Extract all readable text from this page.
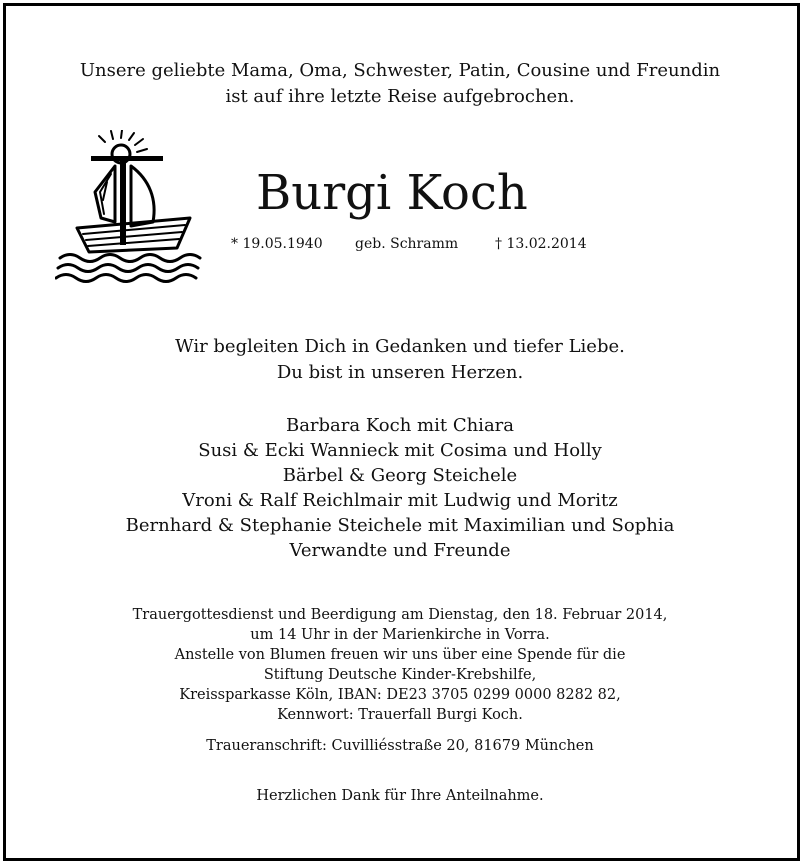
Unsere geliebte Mama, Oma, Schwester, Patin, Cousine und Freundin
ist auf ihre letzte Reise aufgebrochen.
Burgi Koch
* 19.05.1940 geb. Schramm	† 13.02.2014
Wir begleiten Dich in Gedanken und tiefer Liebe.
Du bist in unseren Herzen.
Barbara Koch mit Chiara
Susi & Ecki Wannieck mit Cosima und Holly
Bärbel & Georg Steichele
Vroni & Ralf Reichlmair mit Ludwig und Moritz
Bernhard & Stephanie Steichele mit Maximilian und Sophia
Verwandte und Freunde
Trauergottesdienst und Beerdigung am Dienstag, den 18. Februar 2014,
um 14 Uhr in der Marienkirche in Vorra.
Anstelle von Blumen freuen wir uns über eine Spende für die
Stiftung Deutsche Kinder-Krebshilfe,
Kreissparkasse Köln, IBAN: DE23 3705 0299 0000 8282 82,
Kennwort: Trauerfall Burgi Koch.
Traueranschrift: Cuvilliésstraße 20, 81679 München
Herzlichen Dank für Ihre Anteilnahme.
